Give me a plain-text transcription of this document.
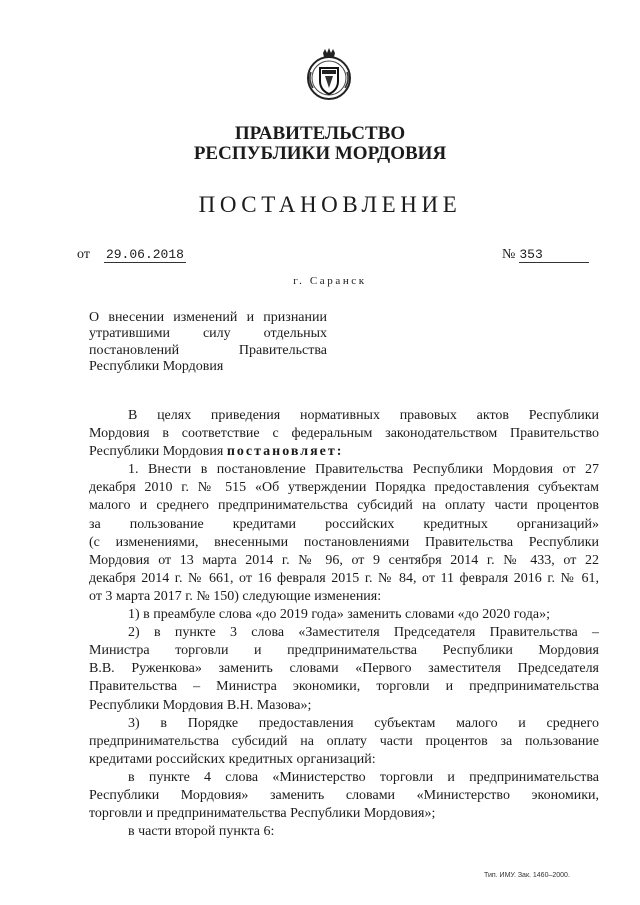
ПРАВИТЕЛЬСТВО
РЕСПУБЛИКИ МОРДОВИЯ
ПОСТАНОВЛЕНИЕ
от 29.06.2018	№ 353
г. Саранск
О внесении изменений и признании
утратившими силу отдельных
постановлений Правительства
Республики Мордовия
В целях приведения нормативных правовых актов Республики
Мордовия в соответствие с федеральным законодательством Правительство
Республики Мордовия постановляет:
1. Внести в постановление Правительства Республики Мордовия от 27
декабря 2010 г. № 515 «Об утверждении Порядка предоставления субъектам
малого и среднего предпринимательства субсидий на оплату части процентов
за пользование кредитами российских кредитных организаций»
(с изменениями, внесенными постановлениями Правительства Республики
Мордовия от 13 марта 2014 г. № 96, от 9 сентября 2014 г. № 433, от 22
декабря 2014 г. № 661, от 16 февраля 2015 г. № 84, от 11 февраля 2016 г. № 61,
от 3 марта 2017 г. № 150) следующие изменения:
1) в преамбуле слова «до 2019 года» заменить словами «до 2020 года»;
2) в пункте 3 слова «Заместителя Председателя Правительства –
Министра торговли и предпринимательства Республики Мордовия
В.В. Руженкова» заменить словами «Первого заместителя Председателя
Правительства – Министра экономики, торговли и предпринимательства
Республики Мордовия В.Н. Мазова»;
3) в Порядке предоставления субъектам малого и среднего
предпринимательства субсидий на оплату части процентов за пользование
кредитами российских кредитных организаций:
в пункте 4 слова «Министерство торговли и предпринимательства
Республики Мордовия» заменить словами «Министерство экономики,
торговли и предпринимательства Республики Мордовия»;
в части второй пункта 6:
Тип. ИМУ. Зак. 1460–2000.
